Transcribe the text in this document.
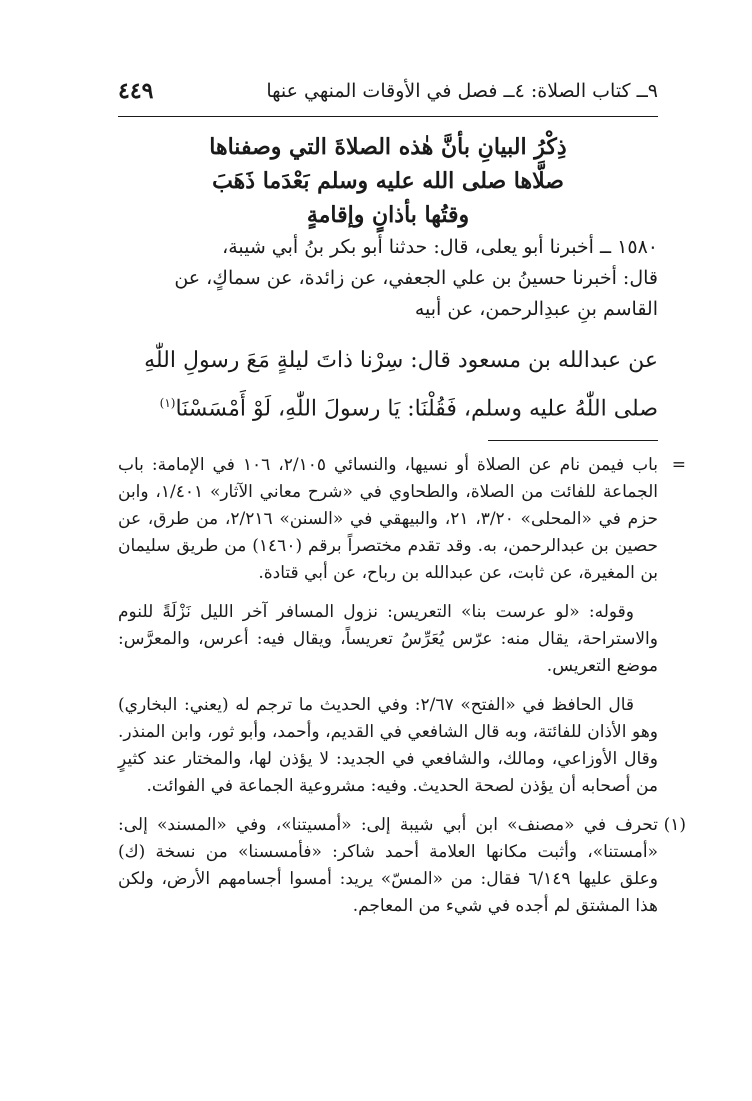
٩ــ كتاب الصلاة: ٤ــ فصل في الأوقات المنهي عنها
٤٤٩
ذِكْرُ البيانِ بأنَّ هٰذه الصلاةَ التي وصفناها
صلَّاها صلى الله عليه وسلم بَعْدَما ذَهَبَ
وقتُها بأذانٍ وإقامةٍ

١٥٨٠ ــ أخبرنا أبو يعلى، قال: حدثنا أبو بكر بنُ أبي شيبة،

قال: أخبرنا حسينُ بن علي الجعفي، عن زائدة، عن سماكٍ، عن

القاسم بنِ عبدِالرحمن، عن أبيه

عن عبدالله بن مسعود قال: سِرْنا ذاتَ ليلةٍ مَعَ رسولِ اللّٰهِ

صلى اللّٰهُ عليه وسلم، فَقُلْنَا: يَا رسولَ اللّٰهِ، لَوْ أَمْسَسْنَا$^{(١)}$

=
باب فيمن نام عن الصلاة أو نسيها، والنسائي ٢/١٠٥، ١٠٦ في الإمامة: باب الجماعة للفائت من الصلاة، والطحاوي في «شرح معاني الآثار» ١/٤٠١، وابن حزم في «المحلى» ٣/٢٠، ٢١، والبيهقي في «السنن» ٢/٢١٦، من طرق، عن حصين بن عبدالرحمن، به. وقد تقدم مختصراً برقم (١٤٦٠) من طريق سليمان بن المغيرة، عن ثابت، عن عبدالله بن رباح، عن أبي قتادة.
وقوله: «لو عرست بنا» التعريس: نزول المسافر آخر الليل نَزْلَةً للنوم والاستراحة، يقال منه: عرّس يُعَرِّسُ تعريساً، ويقال فيه: أعرس، والمعرَّس: موضع التعريس.
قال الحافظ في «الفتح» ٢/٦٧: وفي الحديث ما ترجم له (يعني: البخاري) وهو الأذان للفائتة، وبه قال الشافعي في القديم، وأحمد، وأبو ثور، وابن المنذر. وقال الأوزاعي، ومالك، والشافعي في الجديد: لا يؤذن لها، والمختار عند كثيرٍ من أصحابه أن يؤذن لصحة الحديث. وفيه: مشروعية الجماعة في الفوائت.
(١)
تحرف في «مصنف» ابن أبي شيبة إلى: «أمسيتنا»، وفي «المسند» إلى: «أمستنا»، وأثبت مكانها العلامة أحمد شاكر: «فأمسسنا» من نسخة (ك) وعلق عليها ٦/١٤٩ فقال: من «المسّ» يريد: أمسوا أجسامهم الأرض، ولكن هذا المشتق لم أجده في شيء من المعاجم.
